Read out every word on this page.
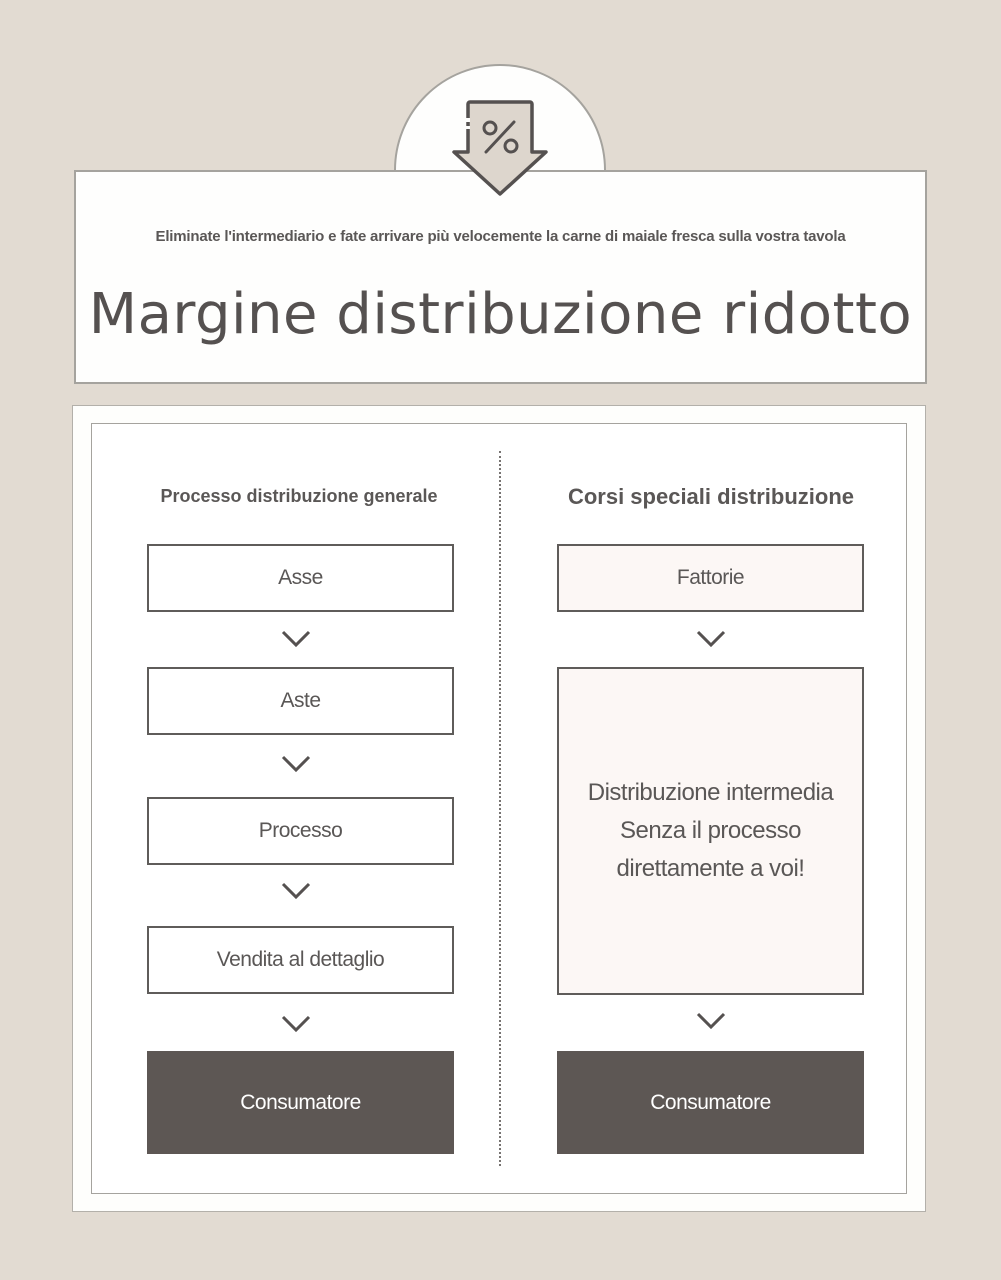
Eliminate l'intermediario e fate arrivare più velocemente la carne di maiale fresca sulla vostra tavola
Margine distribuzione ridotto
Processo distribuzione generale
Asse
Aste
Processo
Vendita al dettaglio
Consumatore
Corsi speciali distribuzione
Fattorie
Distribuzione intermedia
Senza il processo
direttamente a voi!
Consumatore
